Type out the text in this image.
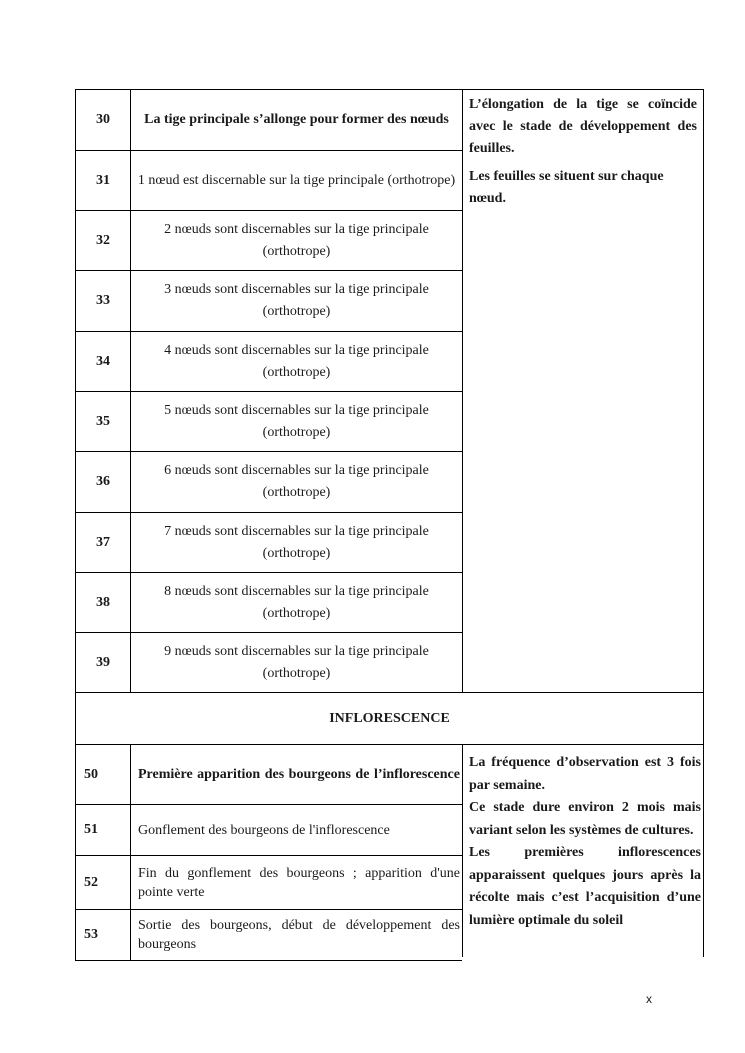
30	La tige principale s’allonge pour former des nœuds	L’élongation de la tige se coïncide avec le stade de développement des feuilles.

Les feuilles se situent sur chaque nœud.

31	1 nœud est discernable sur la tige principale (orthotrope)	
32	2 nœuds sont discernables sur la tige principale (orthotrope)	
33	3 nœuds sont discernables sur la tige principale (orthotrope)	
34	4 nœuds sont discernables sur la tige principale (orthotrope)	
35	5 nœuds sont discernables sur la tige principale (orthotrope)	
36	6 nœuds sont discernables sur la tige principale (orthotrope)	
37	7 nœuds sont discernables sur la tige principale (orthotrope)	
38	8 nœuds sont discernables sur la tige principale (orthotrope)	
39	9 nœuds sont discernables sur la tige principale (orthotrope)	
INFLORESCENCE		
50	Première apparition des bourgeons de l’inflorescence	La fréquence d’observation est 3 fois par semaine.

Ce stade dure environ 2 mois mais variant selon les systèmes de cultures.

Les premières inflorescences apparaissent quelques jours après la récolte mais c’est l’acquisition d’une lumière optimale du soleil

51	Gonflement des bourgeons de l'inflorescence	
52	Fin du gonflement des bourgeons ; apparition d'une pointe verte	
53	Sortie des bourgeons, début de développement des bourgeons	
x
